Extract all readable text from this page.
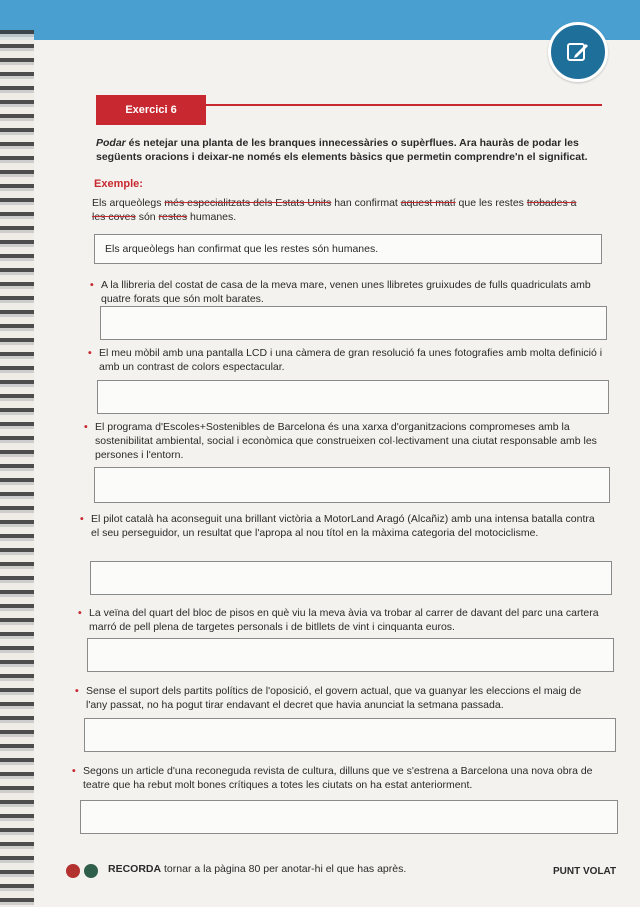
Exercici 6
Podar és netejar una planta de les branques innecessàries o supèrflues. Ara hauràs de podar les següents oracions i deixar-ne només els elements bàsics que permetin comprendre'n el significat.
Exemple:
Els arqueòlegs més especialitzats dels Estats Units han confirmat aquest matí que les restes trobades a les coves són restes humanes.
Els arqueòlegs han confirmat que les restes són humanes.
• A la llibreria del costat de casa de la meva mare, venen unes llibretes gruixudes de fulls quadriculats amb quatre forats que són molt barates.
• El meu mòbil amb una pantalla LCD i una càmera de gran resolució fa unes fotografies amb molta definició i amb un contrast de colors espectacular.
• El programa d'Escoles+Sostenibles de Barcelona és una xarxa d'organitzacions compromeses amb la sostenibilitat ambiental, social i econòmica que construeixen col·lectivament una ciutat responsable amb les persones i l'entorn.
• El pilot català ha aconseguit una brillant victòria a MotorLand Aragó (Alcañiz) amb una intensa batalla contra el seu perseguidor, un resultat que l'apropa al nou títol en la màxima categoria del motociclisme.
• La veïna del quart del bloc de pisos en què viu la meva àvia va trobar al carrer de davant del parc una cartera marró de pell plena de targetes personals i de bitllets de vint i cinquanta euros.
• Sense el suport dels partits polítics de l'oposició, el govern actual, que va guanyar les eleccions el maig de l'any passat, no ha pogut tirar endavant el decret que havia anunciat la setmana passada.
• Segons un article d'una reconeguda revista de cultura, dilluns que ve s'estrena a Barcelona una nova obra de teatre que ha rebut molt bones crítiques a totes les ciutats on ha estat anteriorment.
RECORDA tornar a la pàgina 80 per anotar-hi el que has après.	PUNT VOLAT
